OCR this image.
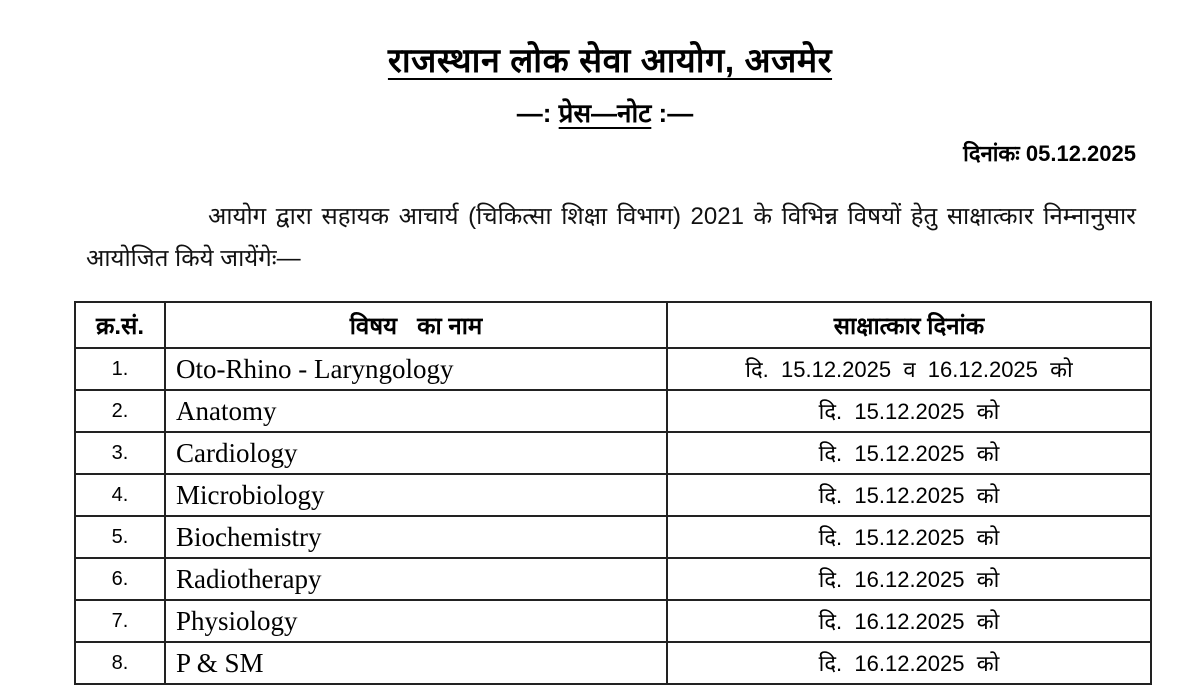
राजस्थान लोक सेवा आयोग, अजमेर
—: प्रेस—नोट :—
दिनांकः 05.12.2025
आयोग द्वारा सहायक आचार्य (चिकित्सा शिक्षा विभाग) 2021 के विभिन्न विषयों हेतु साक्षात्कार निम्नानुसार आयोजित किये जायेंगेः—
क्र.सं.	विषय   का नाम	साक्षात्कार दिनांक
1.	Oto-Rhino - Laryngology	दि.  15.12.2025  व  16.12.2025  को
2.	Anatomy	दि.  15.12.2025  को
3.	Cardiology	दि.  15.12.2025  को
4.	Microbiology	दि.  15.12.2025  को
5.	Biochemistry	दि.  15.12.2025  को
6.	Radiotherapy	दि.  16.12.2025  को
7.	Physiology	दि.  16.12.2025  को
8.	P & SM	दि.  16.12.2025  को
